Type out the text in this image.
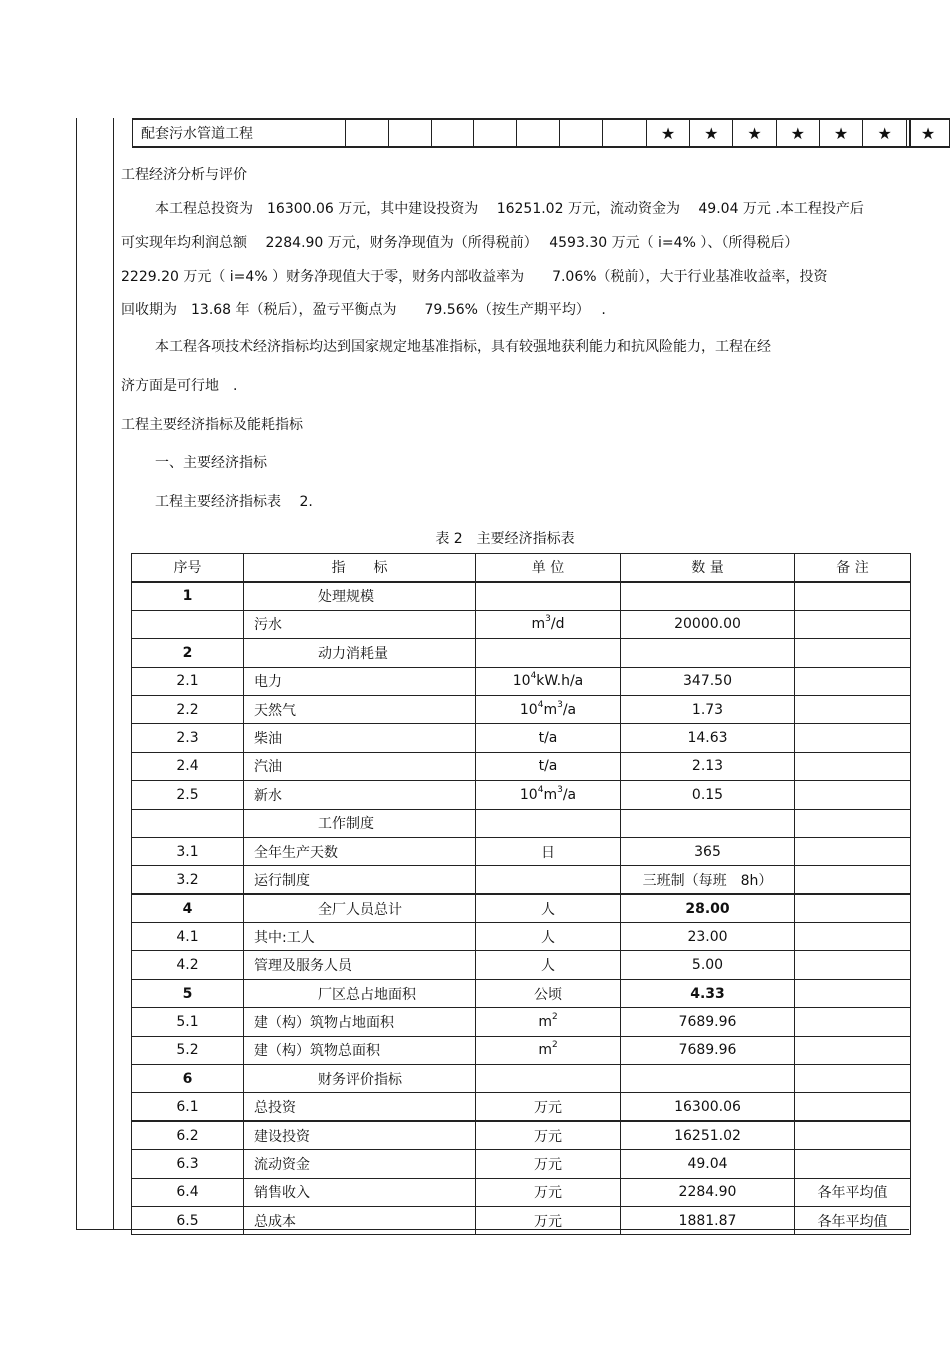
配套污水管道工程								★	★	★	★	★	★	★
工程经济分析与评价
本工程总投资为　16300.06 万元，其中建设投资为　 16251.02 万元，流动资金为　 49.04 万元 .本工程投产后
可实现年均利润总额　 2284.90 万元，财务净现值为（所得税前）　 4593.30 万元（ i=4% ）、（所得税后）
2229.20 万元（ i=4% ）财务净现值大于零，财务内部收益率为　　7.06%（税前），大于行业基准收益率，投资
回收期为　13.68 年（税后），盈亏平衡点为　　79.56%（按生产期平均）　 .
本工程各项技术经济指标均达到国家规定地基准指标，具有较强地获利能力和抗风险能力，工程在经
济方面是可行地　.
工程主要经济指标及能耗指标
一、主要经济指标
工程主要经济指标表　 2.
表 2　主要经济指标表
序号	指　　标	单 位	数 量	备 注
1	处理规模			
	污水	$m^3/d$	20000.00	
2	动力消耗量			
2.1	电力	$10^4kW.h/a$	347.50	
2.2	天然气	$10^4m^3/a$	1.73	
2.3	柴油	t/a	14.63	
2.4	汽油	t/a	2.13	
2.5	新水	$10^4m^3/a$	0.15	
	工作制度			
3.1	全年生产天数	日	365	
3.2	运行制度		三班制（每班　8h）	
4	全厂人员总计	人	28.00	
4.1	其中:工人	人	23.00	
4.2	管理及服务人员	人	5.00	
5	厂区总占地面积	公顷	4.33	
5.1	建（构）筑物占地面积	$m^2$	7689.96	
5.2	建（构）筑物总面积	$m^2$	7689.96	
6	财务评价指标			
6.1	总投资	万元	16300.06	
6.2	建设投资	万元	16251.02	
6.3	流动资金	万元	49.04	
6.4	销售收入	万元	2284.90	各年平均值
6.5	总成本	万元	1881.87	各年平均值
